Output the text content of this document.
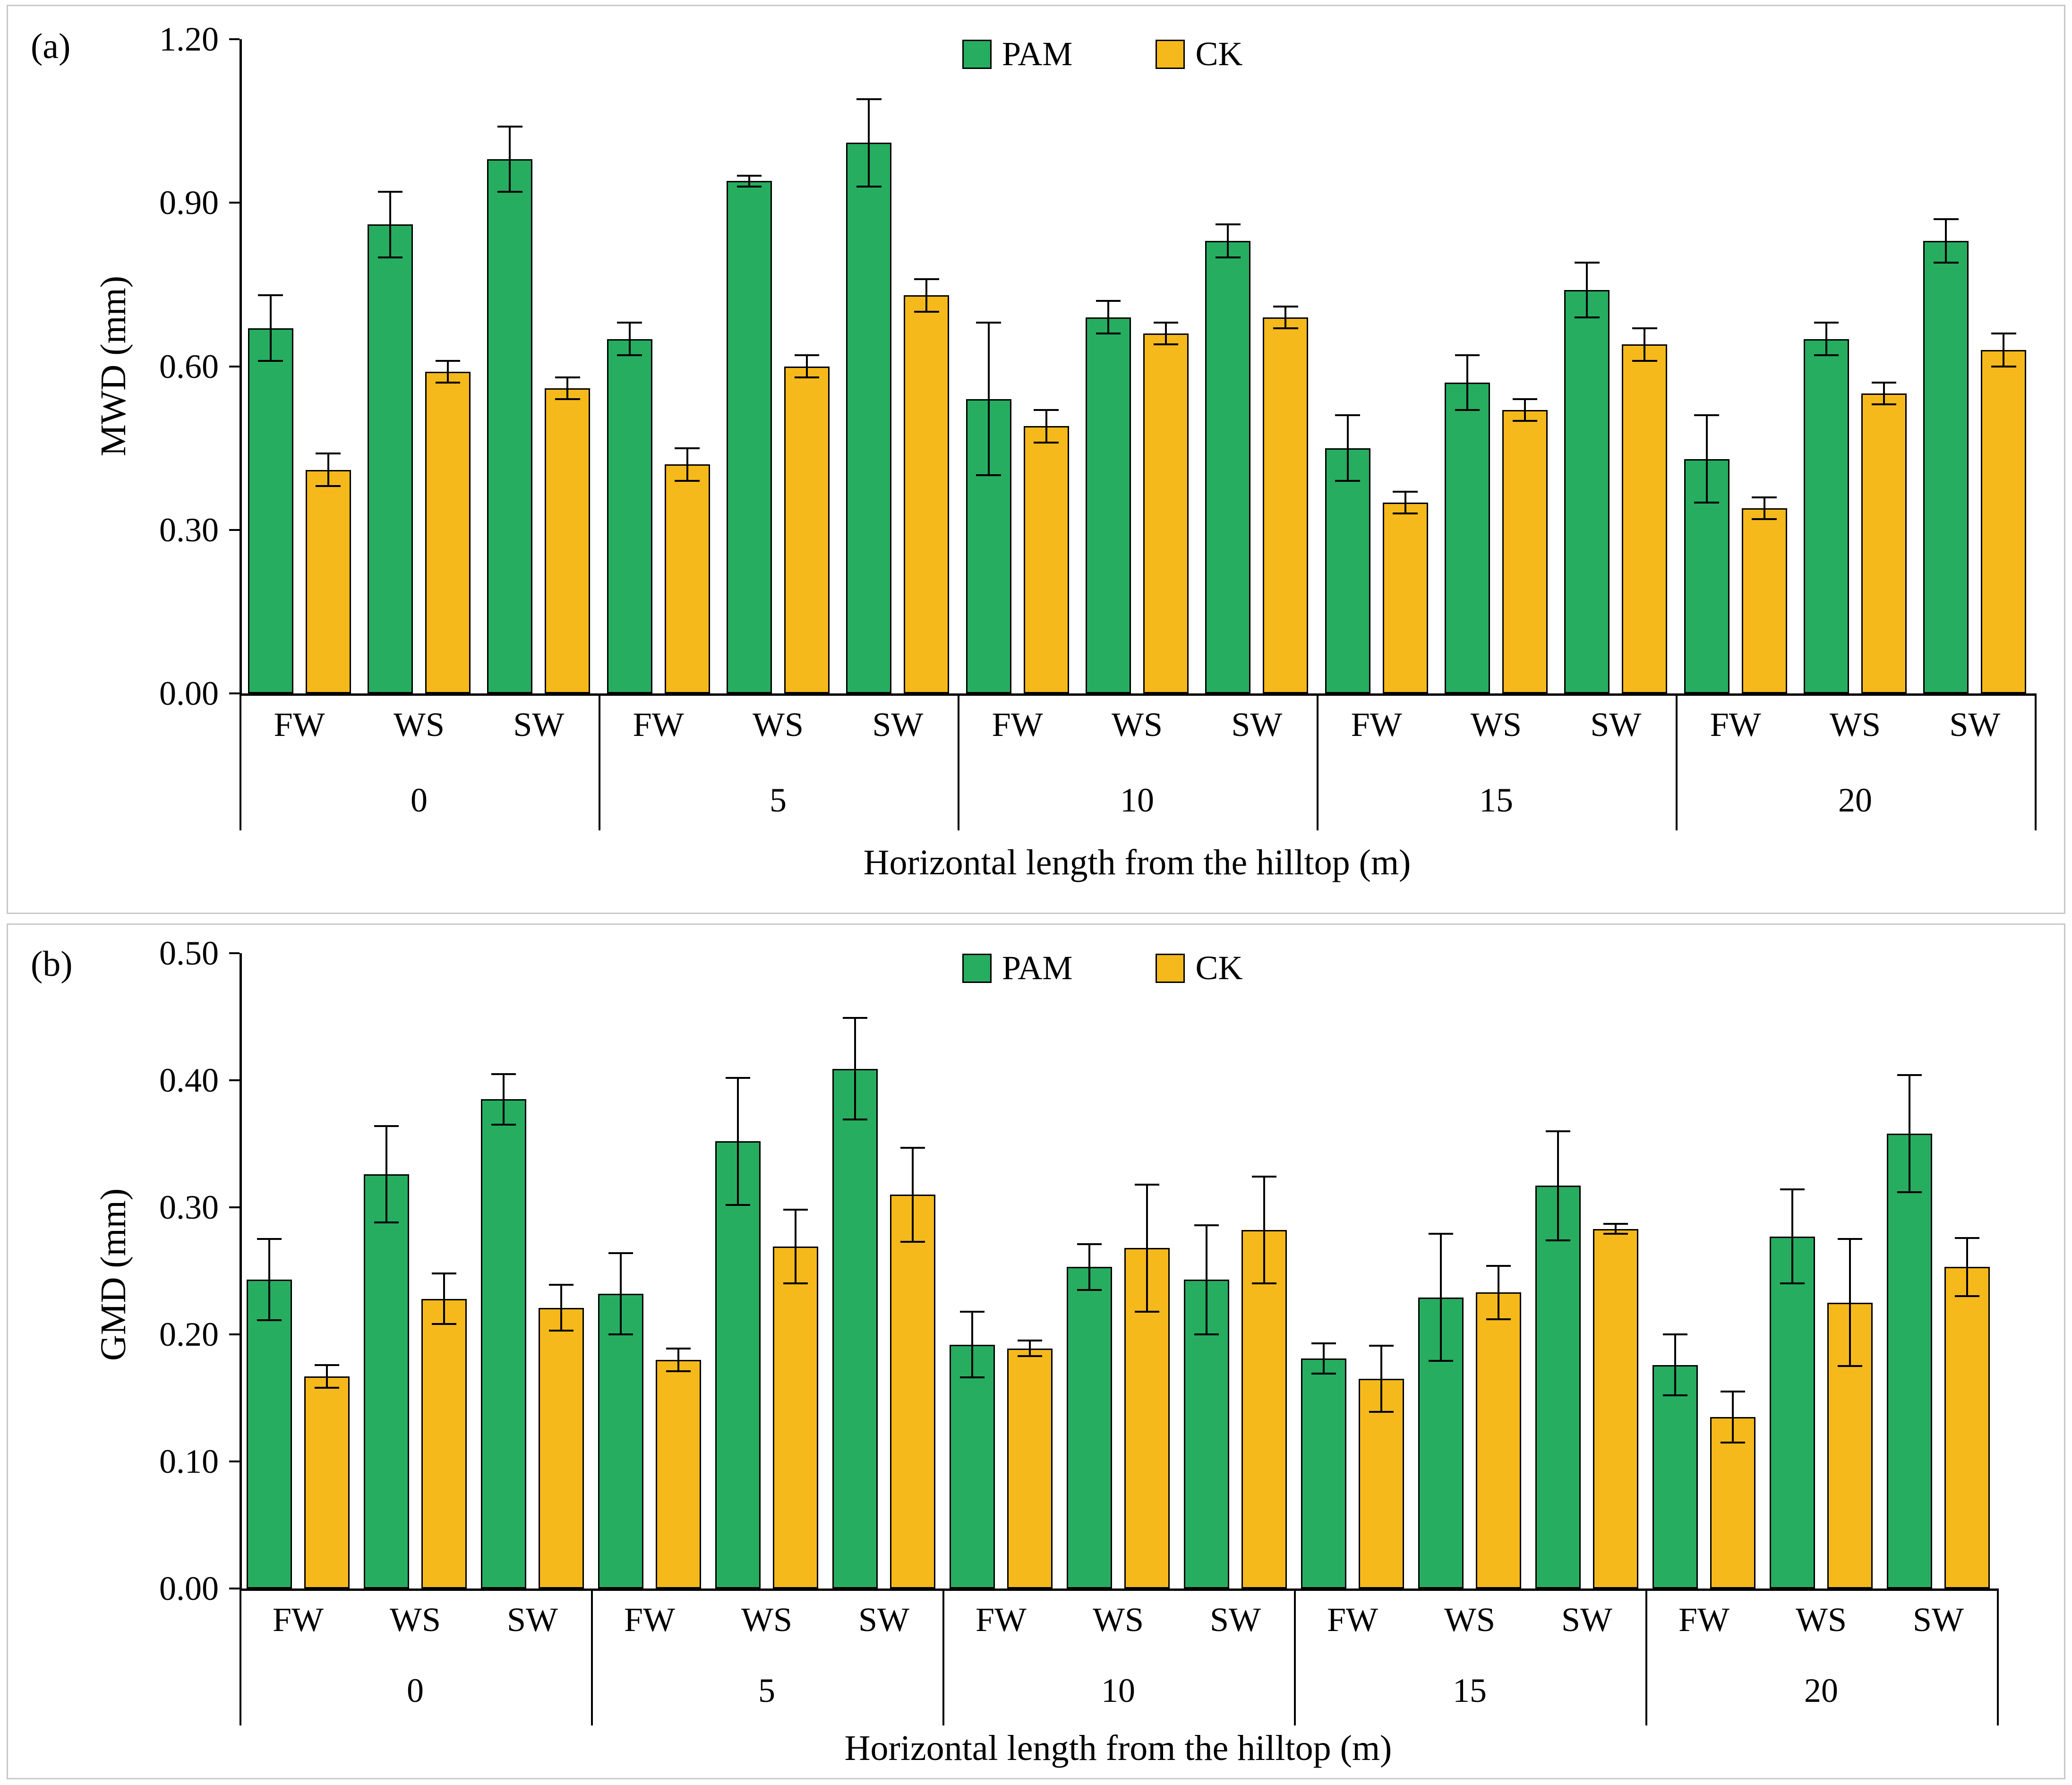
(a)
0.00
0.30
0.60
0.90
1.20
MWD (mm)
Horizontal length from the hilltop (m)
FW	WS	SW
0
FW	WS	SW
5
FW	WS	SW
10
FW	WS	SW
15
FW	WS	SW
20
PAM	CK
(b)
0.00
0.10
0.20
0.30
0.40
0.50
GMD (mm)
Horizontal length from the hilltop (m)
FW	WS	SW
0
FW	WS	SW
5
FW	WS	SW
10
FW	WS	SW
15
FW	WS	SW
20
PAM	CK
